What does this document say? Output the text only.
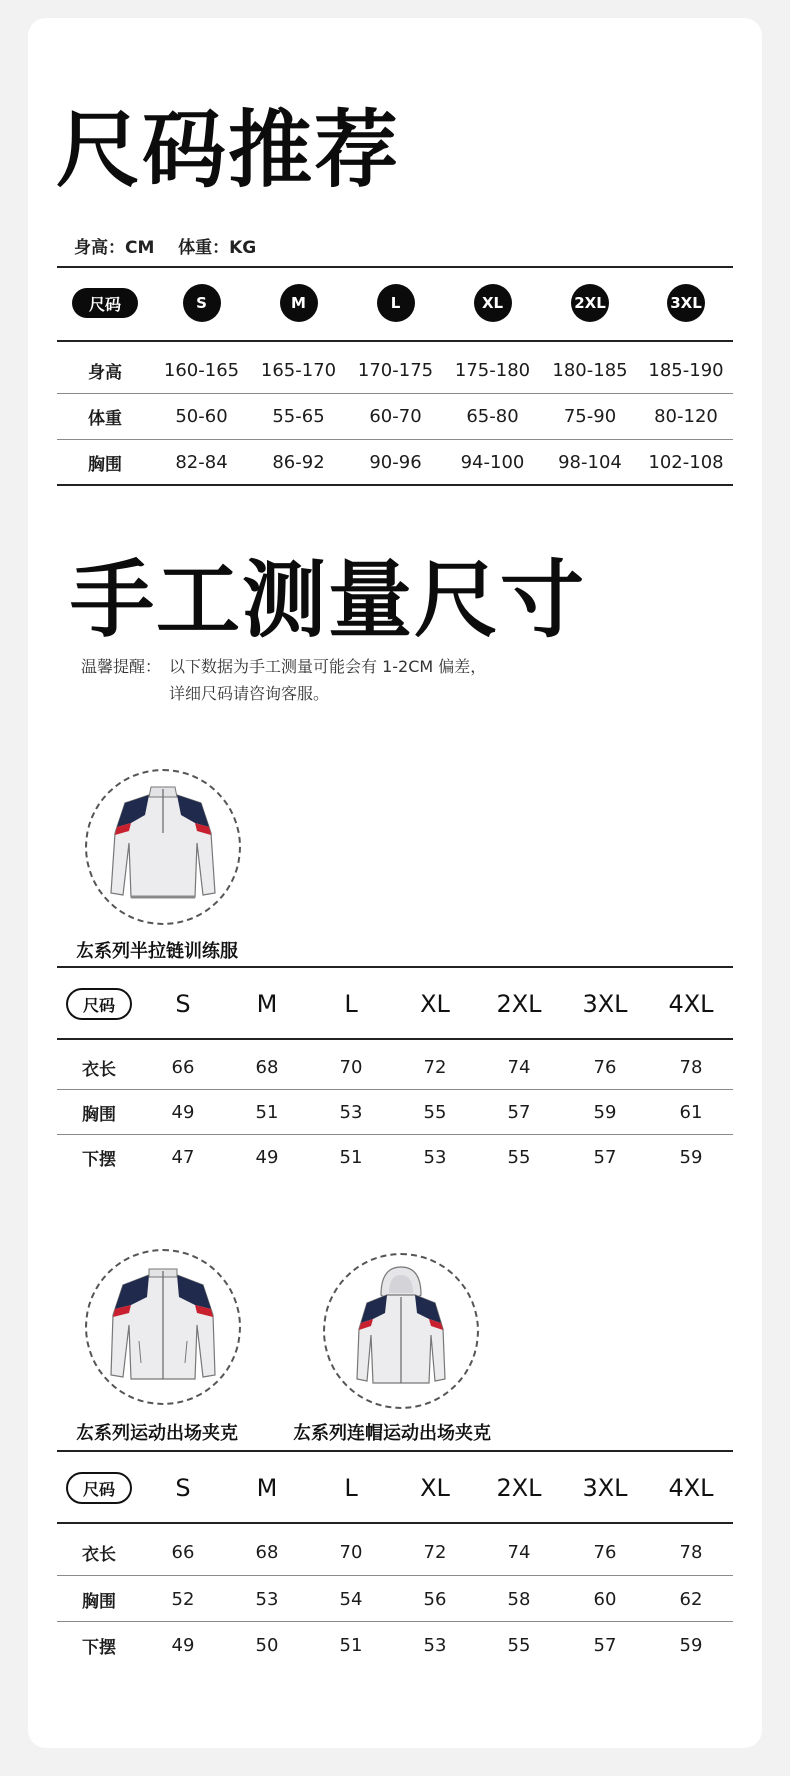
尺码推荐
身高：CM    体重：KG
尺码	S	M	L	XL	2XL	3XL
身高	160-165	165-170	170-175	175-180	180-185	185-190
体重	50-60	55-65	60-70	65-80	75-90	80-120
胸围	82-84	86-92	90-96	94-100	98-104	102-108
手工测量尺寸
温馨提醒： 以下数据为手工测量可能会有 1-2CM 偏差，
详细尺码请咨询客服。
厷系列半拉链训练服
尺码	S	M	L	XL	2XL	3XL	4XL
衣长	66	68	70	72	74	76	78
胸围	49	51	53	55	57	59	61
下摆	47	49	51	53	55	57	59
厷系列运动出场夹克	厷系列连帽运动出场夹克
尺码	S	M	L	XL	2XL	3XL	4XL
衣长	66	68	70	72	74	76	78
胸围	52	53	54	56	58	60	62
下摆	49	50	51	53	55	57	59
